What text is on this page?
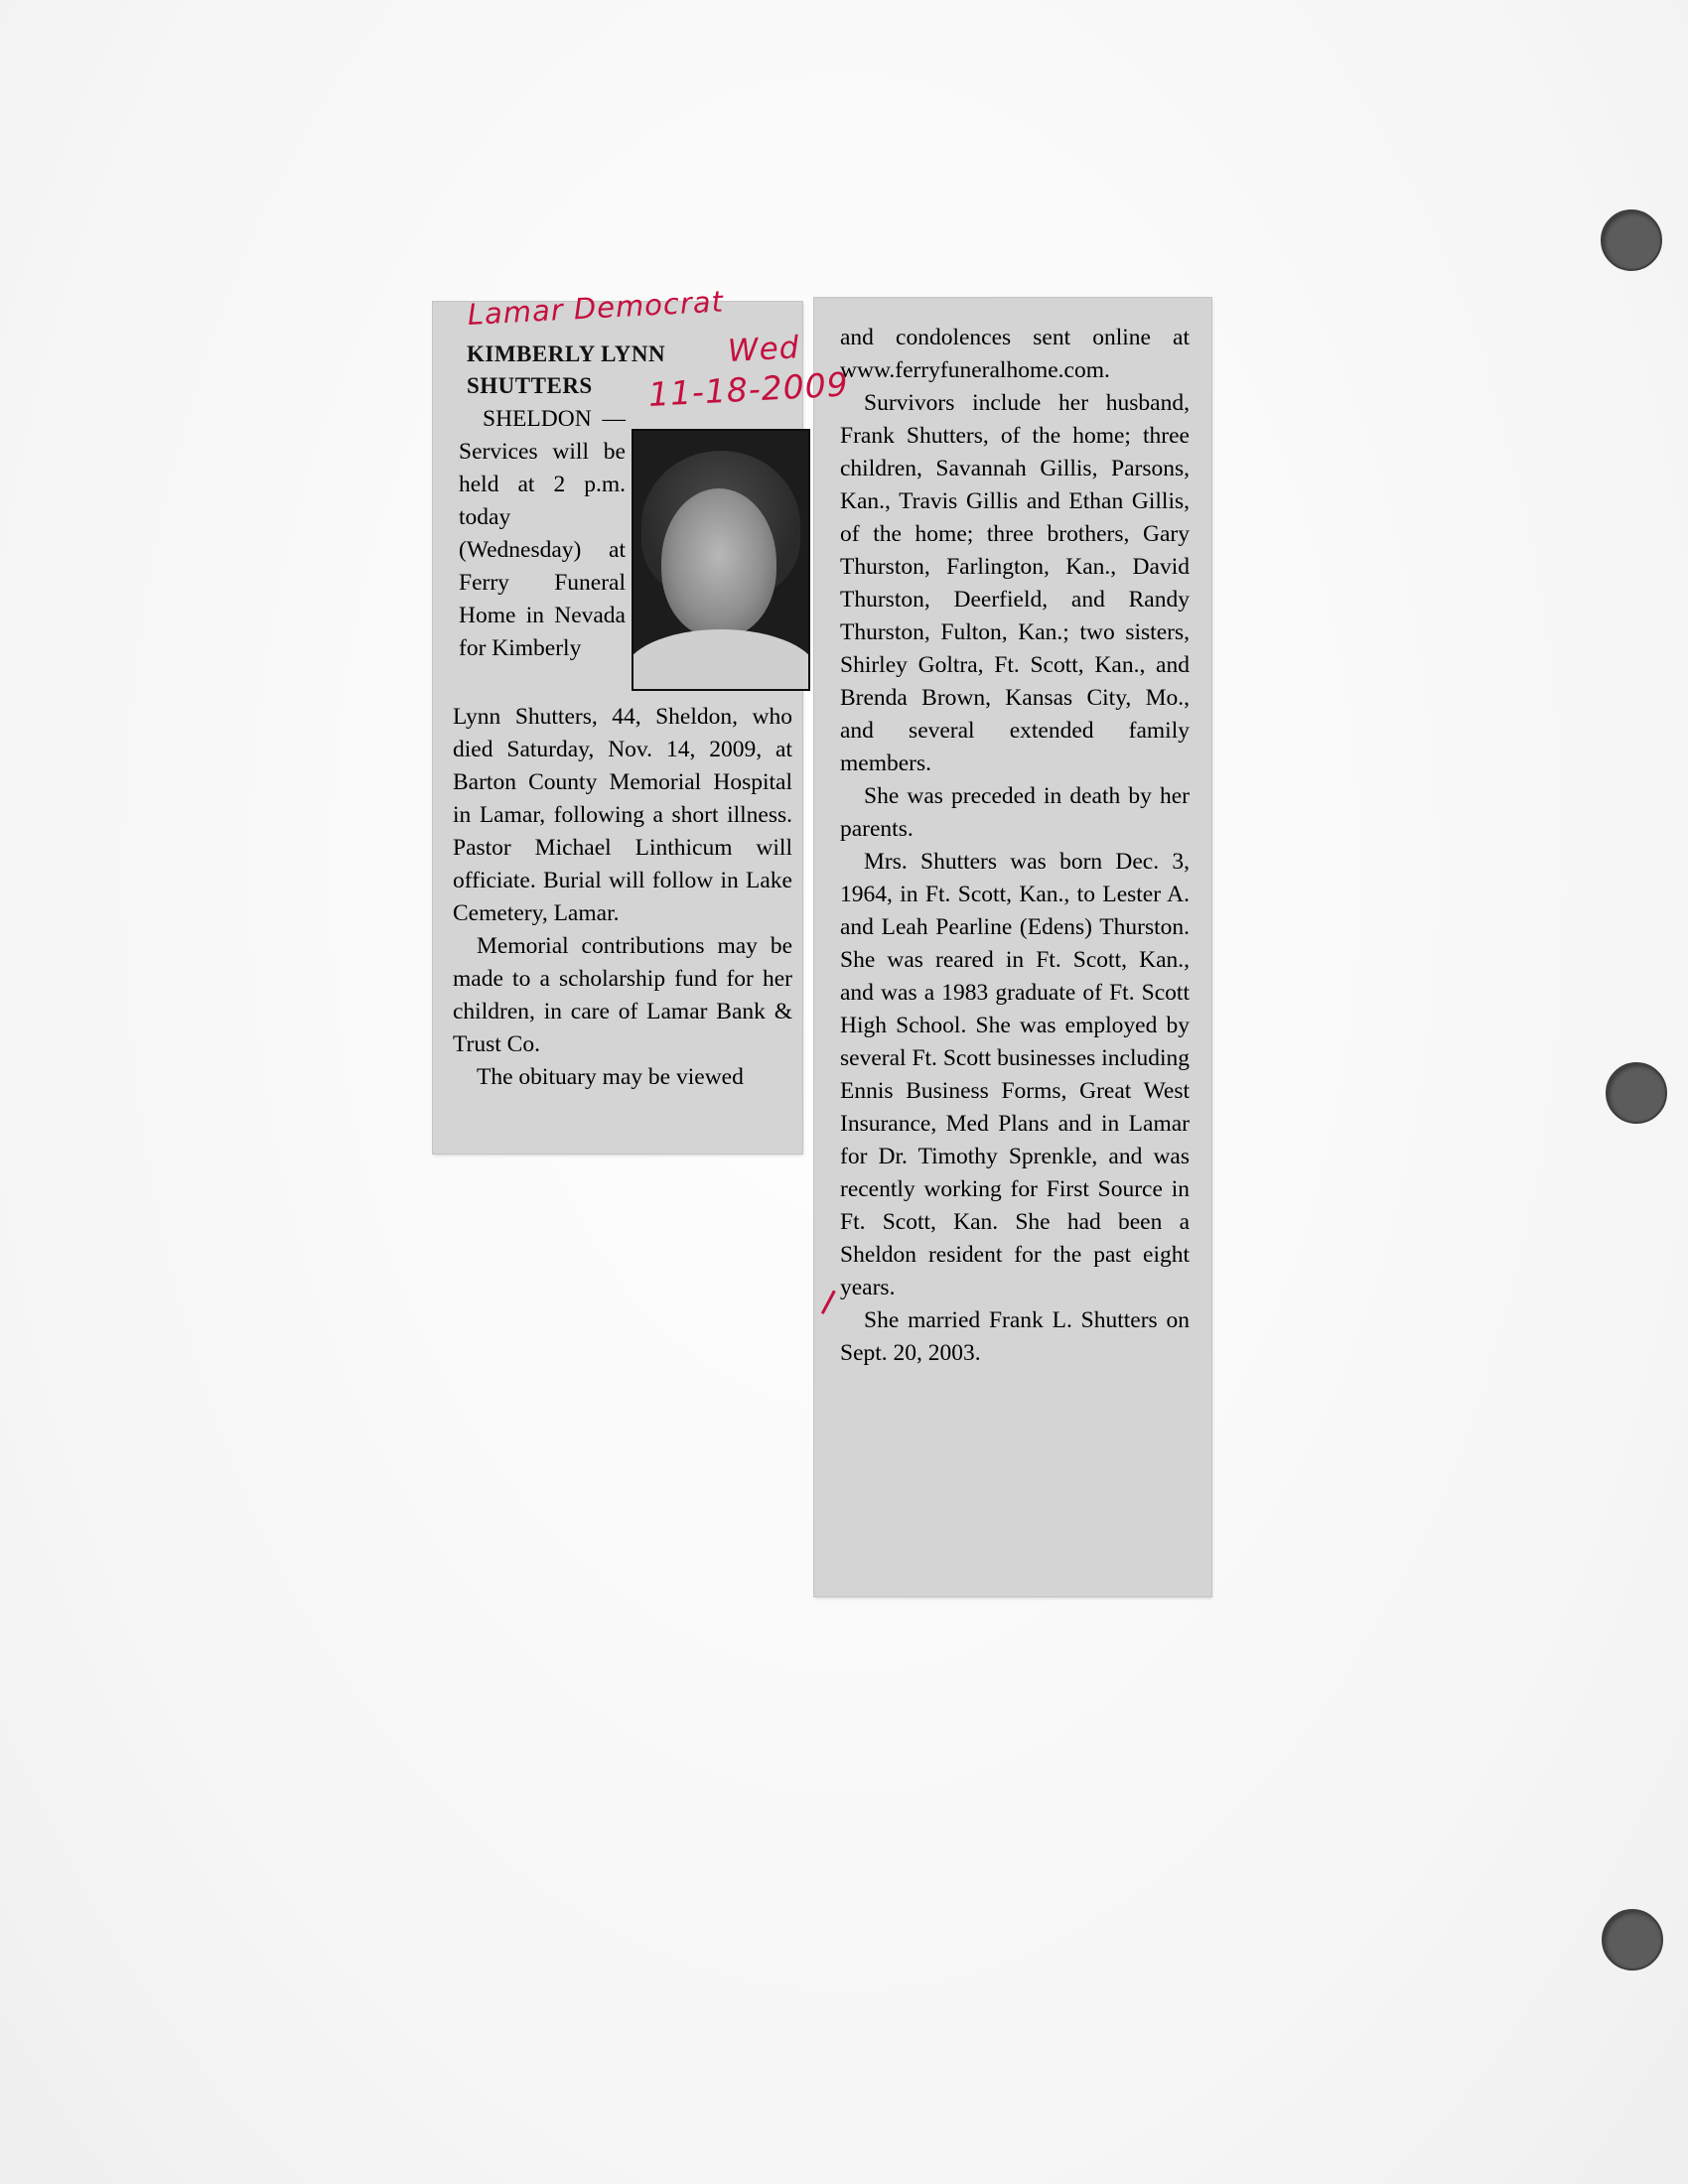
Lamar Democrat
Wed
11-18-2009
KIMBERLY LYNN
SHUTTERS

SHELDON — Services will be held at 2 p.m. today (Wednesday) at Ferry Funeral Home in Nevada for Kimberly

Lynn Shutters, 44, Sheldon, who died Saturday, Nov. 14, 2009, at Barton County Memorial Hospital in Lamar, following a short illness. Pastor Michael Linthicum will officiate. Burial will follow in Lake Cemetery, Lamar.

Memorial contributions may be made to a scholarship fund for her children, in care of Lamar Bank & Trust Co.

The obituary may be viewed

and condolences sent online at www.ferryfuneralhome.com.

Survivors include her husband, Frank Shutters, of the home; three children, Savannah Gillis, Parsons, Kan., Travis Gillis and Ethan Gillis, of the home; three brothers, Gary Thurston, Farlington, Kan., David Thurston, Deerfield, and Randy Thurston, Fulton, Kan.; two sisters, Shirley Goltra, Ft. Scott, Kan., and Brenda Brown, Kansas City, Mo., and several extended family members.

She was preceded in death by her parents.

Mrs. Shutters was born Dec. 3, 1964, in Ft. Scott, Kan., to Lester A. and Leah Pearline (Edens) Thurston. She was reared in Ft. Scott, Kan., and was a 1983 graduate of Ft. Scott High School. She was employed by several Ft. Scott businesses including Ennis Business Forms, Great West Insurance, Med Plans and in Lamar for Dr. Timothy Sprenkle, and was recently working for First Source in Ft. Scott, Kan. She had been a Sheldon resident for the past eight years.

She married Frank L. Shutters on Sept. 20, 2003.
